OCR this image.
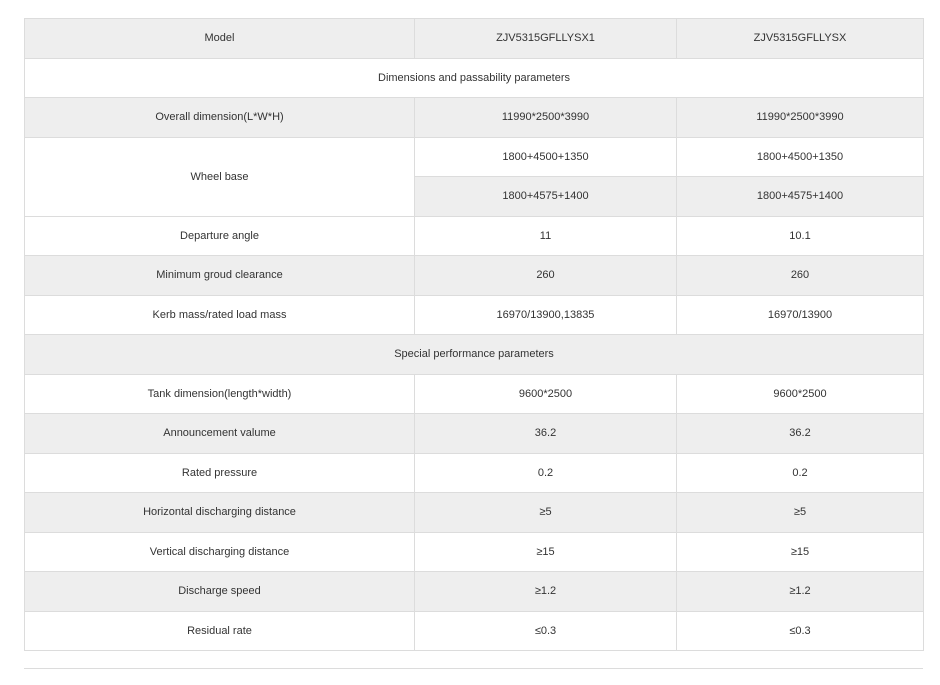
Model	ZJV5315GFLLYSX1	ZJV5315GFLLYSX
Dimensions and passability parameters		
Overall dimension(L*W*H)	11990*2500*3990	11990*2500*3990
Wheel base	1800+4500+1350	1800+4500+1350
	1800+4575+1400	1800+4575+1400
Departure angle	11	10.1
Minimum groud clearance	260	260
Kerb mass/rated load mass	16970/13900,13835	16970/13900
Special performance parameters		
Tank dimension(length*width)	9600*2500	9600*2500
Announcement valume	36.2	36.2
Rated pressure	0.2	0.2
Horizontal discharging distance	≥5	≥5
Vertical discharging distance	≥15	≥15
Discharge speed	≥1.2	≥1.2
Residual rate	≤0.3	≤0.3
